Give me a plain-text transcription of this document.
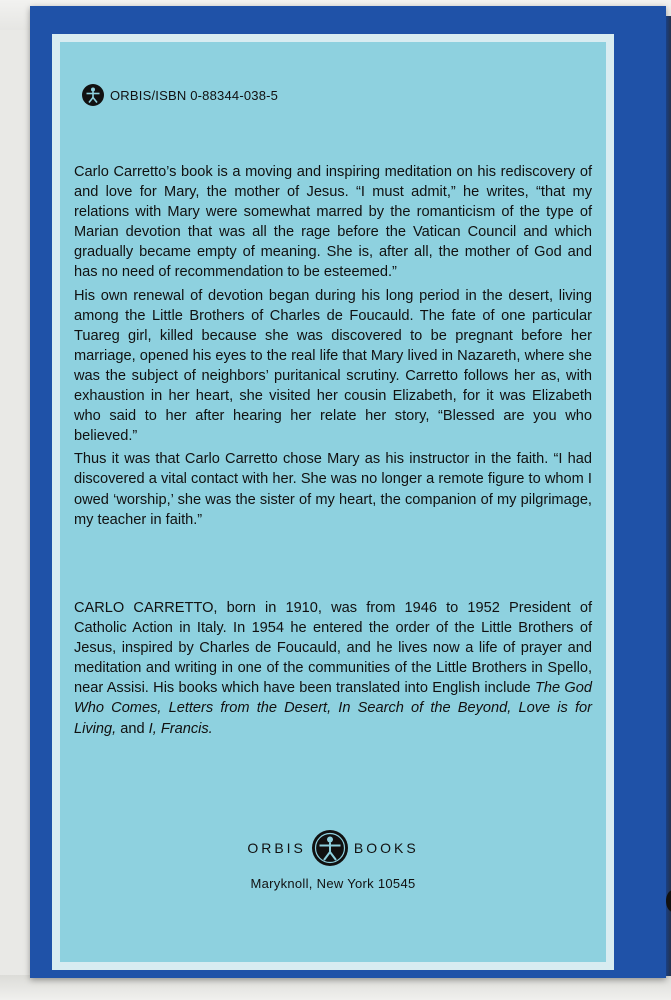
ORBIS/ISBN 0-88344-038-5

Carlo Carretto’s book is a moving and inspiring meditation on his rediscovery of and love for Mary, the mother of Jesus. “I must admit,” he writes, “that my relations with Mary were somewhat marred by the romanticism of the type of Marian devotion that was all the rage before the Vatican Council and which gradually became empty of meaning. She is, after all, the mother of God and has no need of recommendation to be esteemed.”

His own renewal of devotion began during his long period in the desert, living among the Little Brothers of Charles de Foucauld. The fate of one particular Tuareg girl, killed because she was discovered to be pregnant before her marriage, opened his eyes to the real life that Mary lived in Nazareth, where she was the subject of neighbors’ puritanical scrutiny. Carretto follows her as, with exhaustion in her heart, she visited her cousin Elizabeth, for it was Elizabeth who said to her after hearing her relate her story, “Blessed are you who believed.”

Thus it was that Carlo Carretto chose Mary as his instructor in the faith. “I had discovered a vital contact with her. She was no longer a remote figure to whom I owed ‘worship,’ she was the sister of my heart, the companion of my pilgrimage, my teacher in faith.”

CARLO CARRETTO, born in 1910, was from 1946 to 1952 President of Catholic Action in Italy. In 1954 he entered the order of the Little Brothers of Jesus, inspired by Charles de Foucauld, and he lives now a life of prayer and meditation and writing in one of the communities of the Little Brothers in Spello, near Assisi. His books which have been translated into English include The God Who Comes, Letters from the Desert, In Search of the Beyond, Love is for Living, and I, Francis.

ORBIS	BOOKS
Maryknoll, New York 10545
